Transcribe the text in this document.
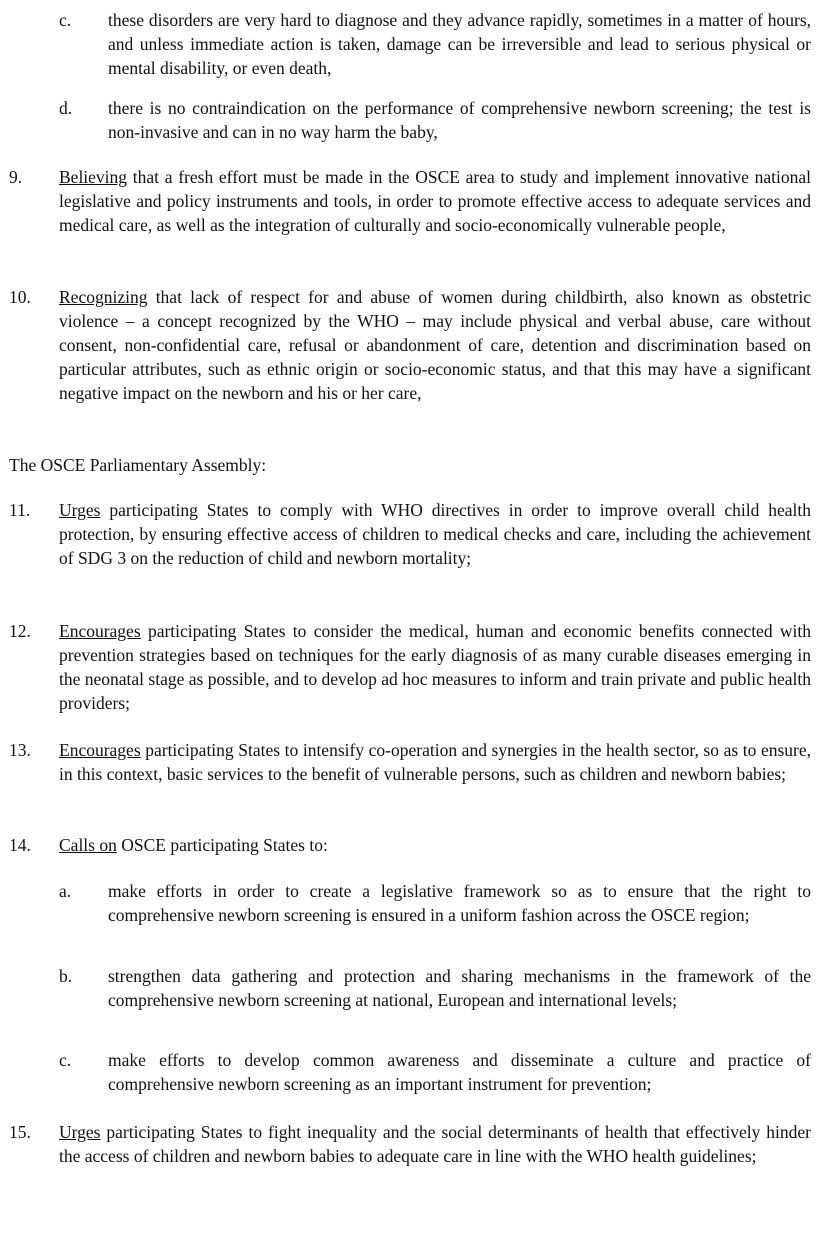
c. these disorders are very hard to diagnose and they advance rapidly, sometimes in a matter of hours, and unless immediate action is taken, damage can be irreversible and lead to serious physical or mental disability, or even death,
d. there is no contraindication on the performance of comprehensive newborn screening; the test is non-invasive and can in no way harm the baby,
9. Believing that a fresh effort must be made in the OSCE area to study and implement innovative national legislative and policy instruments and tools, in order to promote effective access to adequate services and medical care, as well as the integration of culturally and socio-economically vulnerable people,
10. Recognizing that lack of respect for and abuse of women during childbirth, also known as obstetric violence – a concept recognized by the WHO – may include physical and verbal abuse, care without consent, non-confidential care, refusal or abandonment of care, detention and discrimination based on particular attributes, such as ethnic origin or socio-economic status, and that this may have a significant negative impact on the newborn and his or her care,
The OSCE Parliamentary Assembly:
11. Urges participating States to comply with WHO directives in order to improve overall child health protection, by ensuring effective access of children to medical checks and care, including the achievement of SDG 3 on the reduction of child and newborn mortality;
12. Encourages participating States to consider the medical, human and economic benefits connected with prevention strategies based on techniques for the early diagnosis of as many curable diseases emerging in the neonatal stage as possible, and to develop ad hoc measures to inform and train private and public health providers;
13. Encourages participating States to intensify co-operation and synergies in the health sector, so as to ensure, in this context, basic services to the benefit of vulnerable persons, such as children and newborn babies;
14. Calls on OSCE participating States to:
a. make efforts in order to create a legislative framework so as to ensure that the right to comprehensive newborn screening is ensured in a uniform fashion across the OSCE region;
b. strengthen data gathering and protection and sharing mechanisms in the framework of the comprehensive newborn screening at national, European and international levels;
c. make efforts to develop common awareness and disseminate a culture and practice of comprehensive newborn screening as an important instrument for prevention;
15. Urges participating States to fight inequality and the social determinants of health that effectively hinder the access of children and newborn babies to adequate care in line with the WHO health guidelines;
